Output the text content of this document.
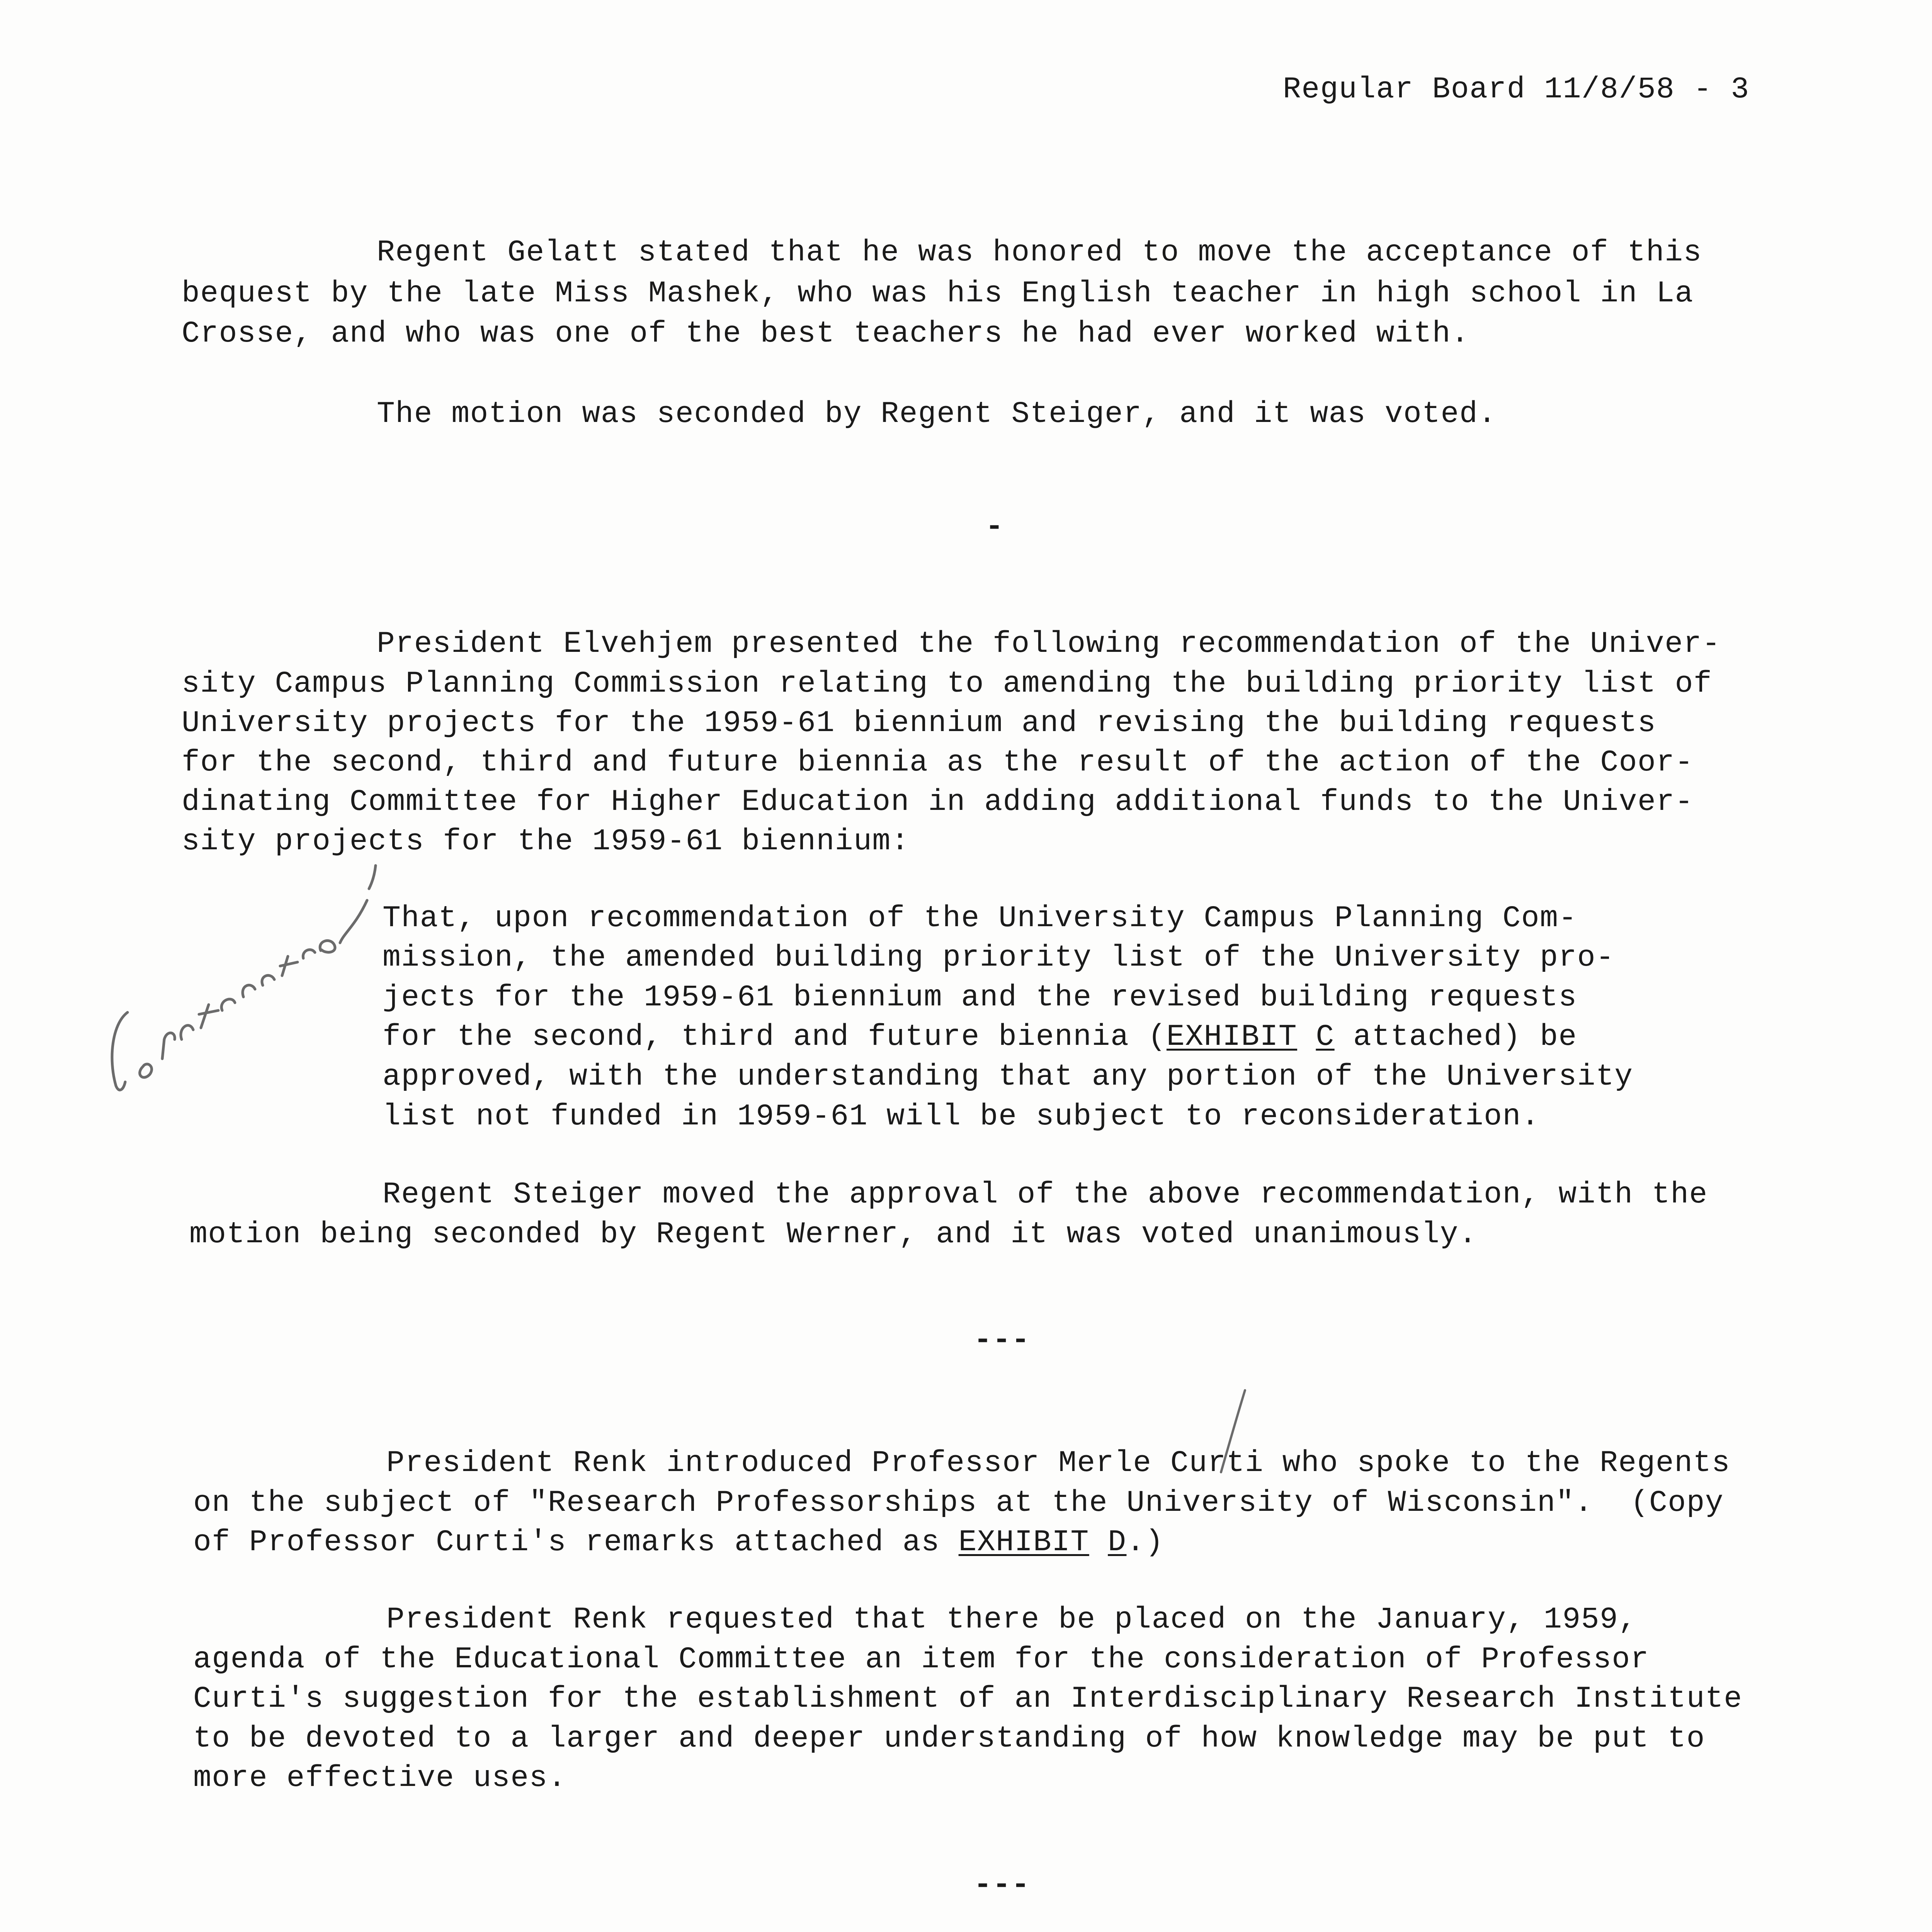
Regular Board 11/8/58 - 3
Regent Gelatt stated that he was honored to move the acceptance of this
bequest by the late Miss Mashek, who was his English teacher in high school in La
Crosse, and who was one of the best teachers he had ever worked with.
The motion was seconded by Regent Steiger, and it was voted.
-
President Elvehjem presented the following recommendation of the Univer-
sity Campus Planning Commission relating to amending the building priority list of
University projects for the 1959-61 biennium and revising the building requests
for the second, third and future biennia as the result of the action of the Coor-
dinating Committee for Higher Education in adding additional funds to the Univer-
sity projects for the 1959-61 biennium:
That, upon recommendation of the University Campus Planning Com-
mission, the amended building priority list of the University pro-
jects for the 1959-61 biennium and the revised building requests
for the second, third and future biennia (EXHIBIT C attached) be
approved, with the understanding that any portion of the University
list not funded in 1959-61 will be subject to reconsideration.
Regent Steiger moved the approval of the above recommendation, with the
motion being seconded by Regent Werner, and it was voted unanimously.
---
President Renk introduced Professor Merle Curti who spoke to the Regents
on the subject of "Research Professorships at the University of Wisconsin".  (Copy
of Professor Curti's remarks attached as EXHIBIT D.)
President Renk requested that there be placed on the January, 1959,
agenda of the Educational Committee an item for the consideration of Professor
Curti's suggestion for the establishment of an Interdisciplinary Research Institute
to be devoted to a larger and deeper understanding of how knowledge may be put to
more effective uses.
---
